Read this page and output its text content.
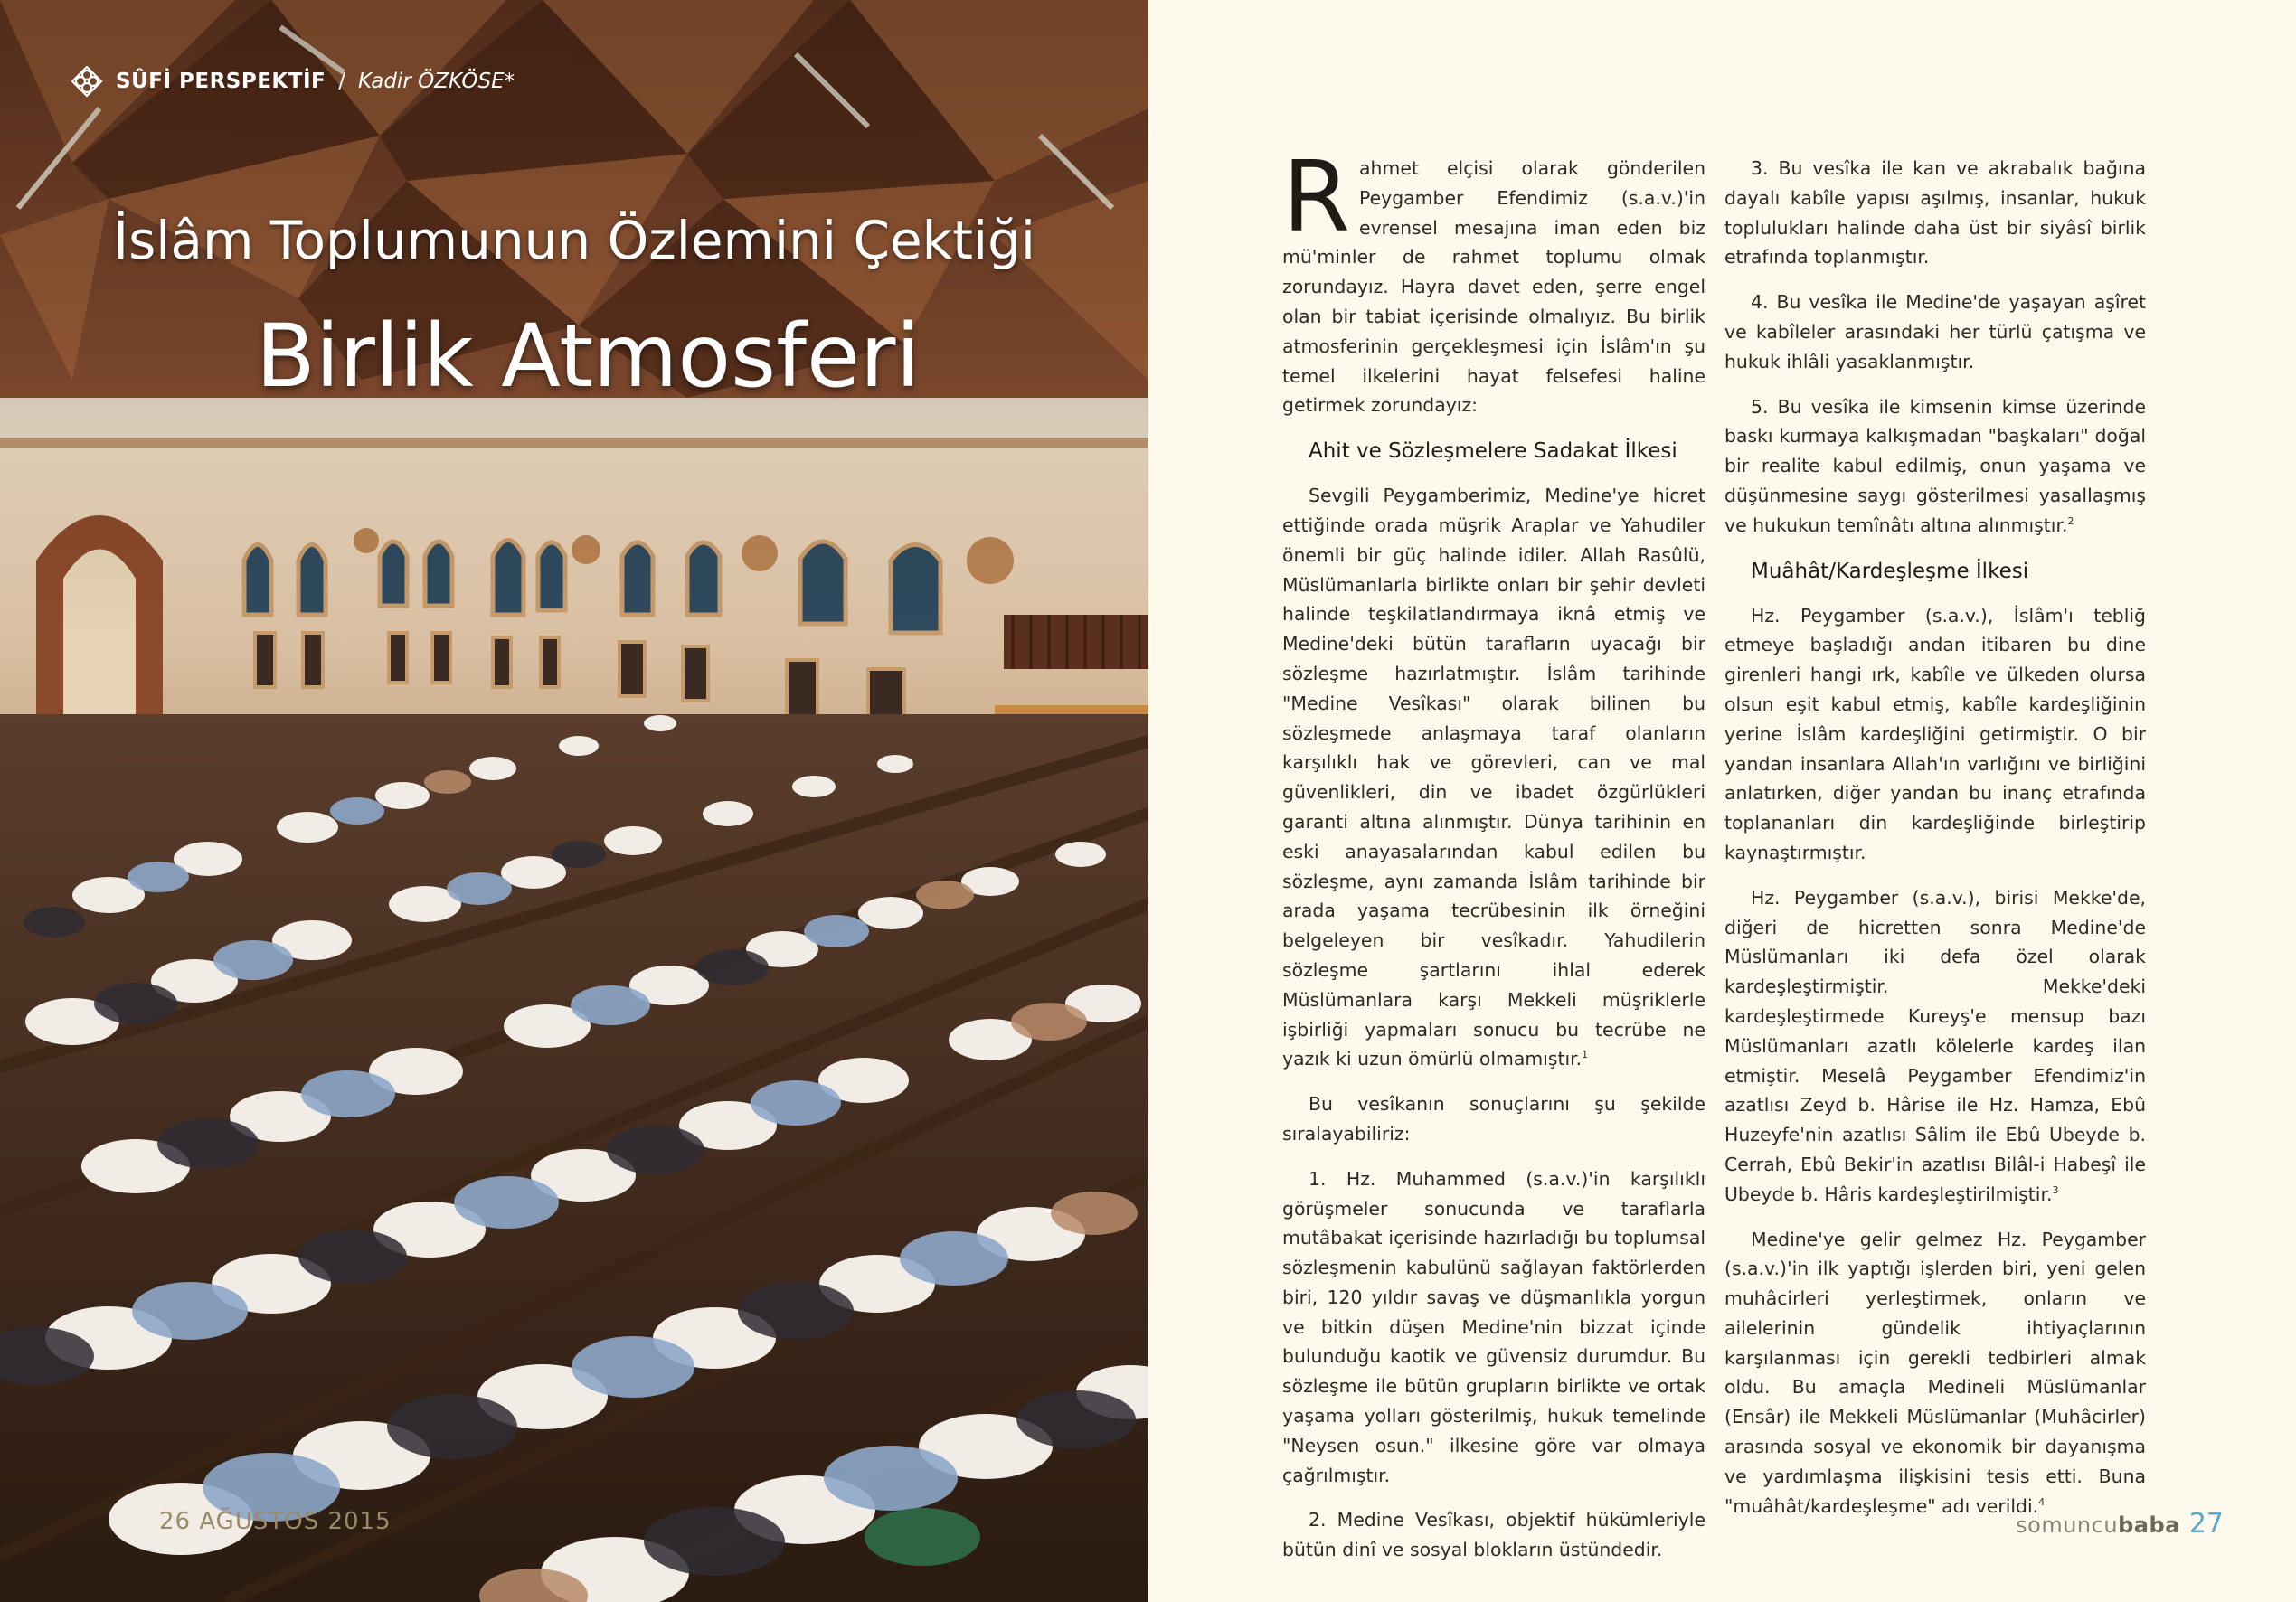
SÛFİ PERSPEKTİF / Kadir ÖZKÖSE*
İslâm Toplumunun Özlemini Çektiği
Birlik Atmosferi
26 AĞUSTOS 2015

Rahmet elçisi olarak gönderilen Peygamber Efendimiz (s.a.v.)'in evrensel mesajına iman eden biz mü'minler de rahmet toplumu olmak zorundayız. Hayra davet eden, şerre engel olan bir tabiat içerisinde olmalıyız. Bu birlik atmosferinin gerçekleşmesi için İslâm'ın şu temel ilkelerini hayat felsefesi haline getirmek zorundayız:

Ahit ve Sözleşmelere Sadakat İlkesi

Sevgili Peygamberimiz, Medine'ye hicret ettiğinde orada müşrik Araplar ve Yahudiler önemli bir güç halinde idiler. Allah Rasûlü, Müslümanlarla birlikte onları bir şehir devleti halinde teşkilatlandırmaya iknâ etmiş ve Medine'deki bütün tarafların uyacağı bir sözleşme hazırlatmıştır. İslâm tarihinde "Medine Vesîkası" olarak bilinen bu sözleşmede anlaşmaya taraf olanların karşılıklı hak ve görevleri, can ve mal güvenlikleri, din ve ibadet özgürlükleri garanti altına alınmıştır. Dünya tarihinin en eski anayasalarından kabul edilen bu sözleşme, aynı zamanda İslâm tarihinde bir arada yaşama tecrübesinin ilk örneğini belgeleyen bir vesîkadır. Yahudilerin sözleşme şartlarını ihlal ederek Müslümanlara karşı Mekkeli müşriklerle işbirliği yapmaları sonucu bu tecrübe ne yazık ki uzun ömürlü olmamıştır.$^1$

Bu vesîkanın sonuçlarını şu şekilde sıralayabiliriz:

1. Hz. Muhammed (s.a.v.)'in karşılıklı görüşmeler sonucunda ve taraflarla mutâbakat içerisinde hazırladığı bu toplumsal sözleşmenin kabulünü sağlayan faktörlerden biri, 120 yıldır savaş ve düşmanlıkla yorgun ve bitkin düşen Medine'nin bizzat içinde bulunduğu kaotik ve güvensiz durumdur. Bu sözleşme ile bütün grupların birlikte ve ortak yaşama yolları gösterilmiş, hukuk temelinde "Neysen osun." ilkesine göre var olmaya çağrılmıştır.

2. Medine Vesîkası, objektif hükümleriyle bütün dinî ve sosyal blokların üstündedir.

3. Bu vesîka ile kan ve akrabalık bağına dayalı kabîle yapısı aşılmış, insanlar, hukuk toplulukları halinde daha üst bir siyâsî birlik etrafında toplanmıştır.

4. Bu vesîka ile Medine'de yaşayan aşîret ve kabîleler arasındaki her türlü çatışma ve hukuk ihlâli yasaklanmıştır.

5. Bu vesîka ile kimsenin kimse üzerinde baskı kurmaya kalkışmadan "başkaları" doğal bir realite kabul edilmiş, onun yaşama ve düşünmesine saygı gösterilmesi yasallaşmış ve hukukun temînâtı altına alınmıştır.$^2$

Muâhât/Kardeşleşme İlkesi

Hz. Peygamber (s.a.v.), İslâm'ı tebliğ etmeye başladığı andan itibaren bu dine girenleri hangi ırk, kabîle ve ülkeden olursa olsun eşit kabul etmiş, kabîle kardeşliğinin yerine İslâm kardeşliğini getirmiştir. O bir yandan insanlara Allah'ın varlığını ve birliğini anlatırken, diğer yandan bu inanç etrafında toplananları din kardeşliğinde birleştirip kaynaştırmıştır.

Hz. Peygamber (s.a.v.), birisi Mekke'de, diğeri de hicretten sonra Medine'de Müslümanları iki defa özel olarak kardeşleştirmiştir. Mekke'deki kardeşleştirmede Kureyş'e mensup bazı Müslümanları azatlı kölelerle kardeş ilan etmiştir. Meselâ Peygamber Efendimiz'in azatlısı Zeyd b. Hârise ile Hz. Hamza, Ebû Huzeyfe'nin azatlısı Sâlim ile Ebû Ubeyde b. Cerrah, Ebû Bekir'in azatlısı Bilâl-i Habeşî ile Ubeyde b. Hâris kardeşleştirilmiştir.$^3$

Medine'ye gelir gelmez Hz. Peygamber (s.a.v.)'in ilk yaptığı işlerden biri, yeni gelen muhâcirleri yerleştirmek, onların ve ailelerinin gündelik ihtiyaçlarının karşılanması için gerekli tedbirleri almak oldu. Bu amaçla Medineli Müslümanlar (Ensâr) ile Mekkeli Müslümanlar (Muhâcirler) arasında sosyal ve ekonomik bir dayanışma ve yardımlaşma ilişkisini tesis etti. Buna "muâhât/kardeşleşme" adı verildi.$^4$

somuncubaba 27
